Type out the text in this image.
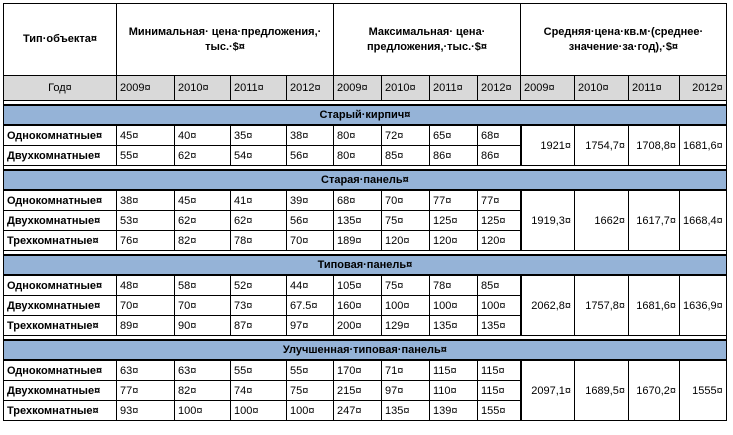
Тип·объекта¤	Минимальная· цена·предложения,· тыс.·$¤				Максимальная· цена· предложения,·тыс.·$¤				Средняя·цена·кв.м·(среднее· значение·за·год),·$¤			
Год¤	2009¤	2010¤	2011¤	2012¤	2009¤	2010¤	2011¤	2012¤	2009¤	2010¤	2011¤	2012¤

Старый·кирпич¤												
Однокомнатные¤	45¤	40¤	35¤	38¤	80¤	72¤	65¤	68¤	1921¤	1754,7¤	1708,8¤	1681,6¤
Двухкомнатные¤	55¤	62¤	54¤	56¤	80¤	85¤	86¤	86¤				

Старая·панель¤												
Однокомнатные¤	38¤	45¤	41¤	39¤	68¤	70¤	77¤	77¤	1919,3¤	1662¤	1617,7¤	1668,4¤
Двухкомнатные¤	53¤	62¤	62¤	56¤	135¤	75¤	125¤	125¤				
Трехкомнатные¤	76¤	82¤	78¤	70¤	189¤	120¤	120¤	120¤				

Типовая·панель¤												
Однокомнатные¤	48¤	58¤	52¤	44¤	105¤	75¤	78¤	85¤	2062,8¤	1757,8¤	1681,6¤	1636,9¤
Двухкомнатные¤	70¤	70¤	73¤	67.5¤	160¤	100¤	100¤	100¤				
Трехкомнатные¤	89¤	90¤	87¤	97¤	200¤	129¤	135¤	135¤				

Улучшенная·типовая·панель¤												
Однокомнатные¤	63¤	63¤	55¤	55¤	170¤	71¤	115¤	115¤	2097,1¤	1689,5¤	1670,2¤	1555¤
Двухкомнатные¤	77¤	82¤	74¤	75¤	215¤	97¤	110¤	115¤				
Трехкомнатные¤	93¤	100¤	100¤	100¤	247¤	135¤	139¤	155¤				
